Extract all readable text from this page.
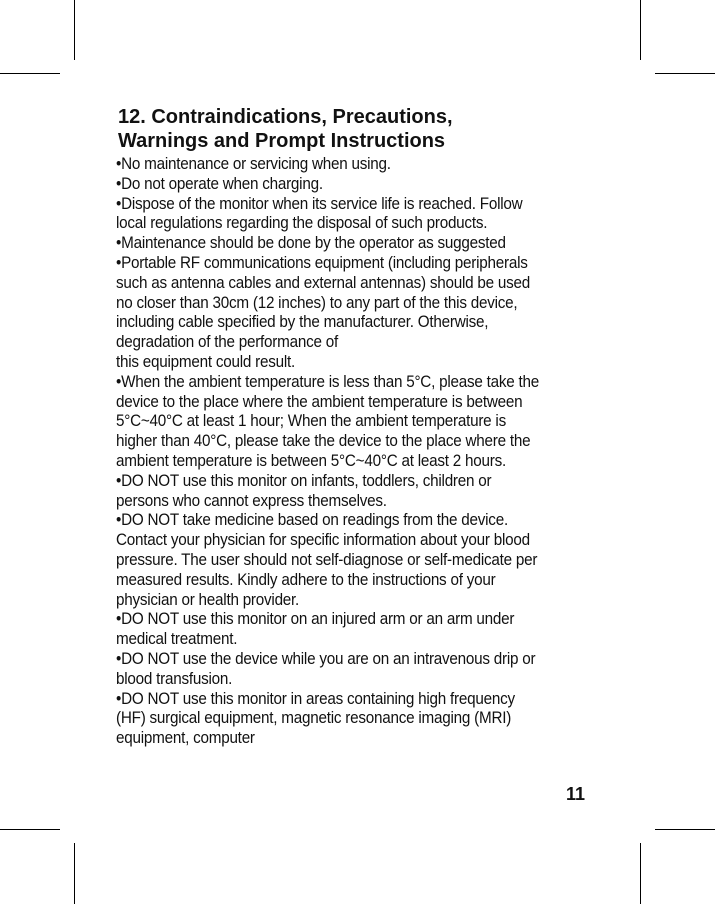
12. Contraindications, Precautions,
Warnings and Prompt Instructions
•No maintenance or servicing when using.
•Do not operate when charging.
•Dispose of the monitor when its service life is reached. Follow
local regulations regarding the disposal of such products.
•Maintenance should be done by the operator as suggested
•Portable RF communications equipment (including peripherals
such as antenna cables and external antennas) should be used
no closer than 30cm (12 inches) to any part of the this device,
including cable specified by the manufacturer. Otherwise,
degradation of the performance of
this equipment could result.
•When the ambient temperature is less than 5°C, please take the
device to the place where the ambient temperature is between
5°C~40°C at least 1 hour; When the ambient temperature is
higher than 40°C, please take the device to the place where the
ambient temperature is between 5°C~40°C at least 2 hours.
•DO NOT use this monitor on infants, toddlers, children or
persons who cannot express themselves.
•DO NOT take medicine based on readings from the device.
Contact your physician for specific information about your blood
pressure. The user should not self-diagnose or self-medicate per
measured results. Kindly adhere to the instructions of your
physician or health provider.
•DO NOT use this monitor on an injured arm or an arm under
medical treatment.
•DO NOT use the device while you are on an intravenous drip or
blood transfusion.
•DO NOT use this monitor in areas containing high frequency
(HF) surgical equipment, magnetic resonance imaging (MRI)
equipment, computer
11
